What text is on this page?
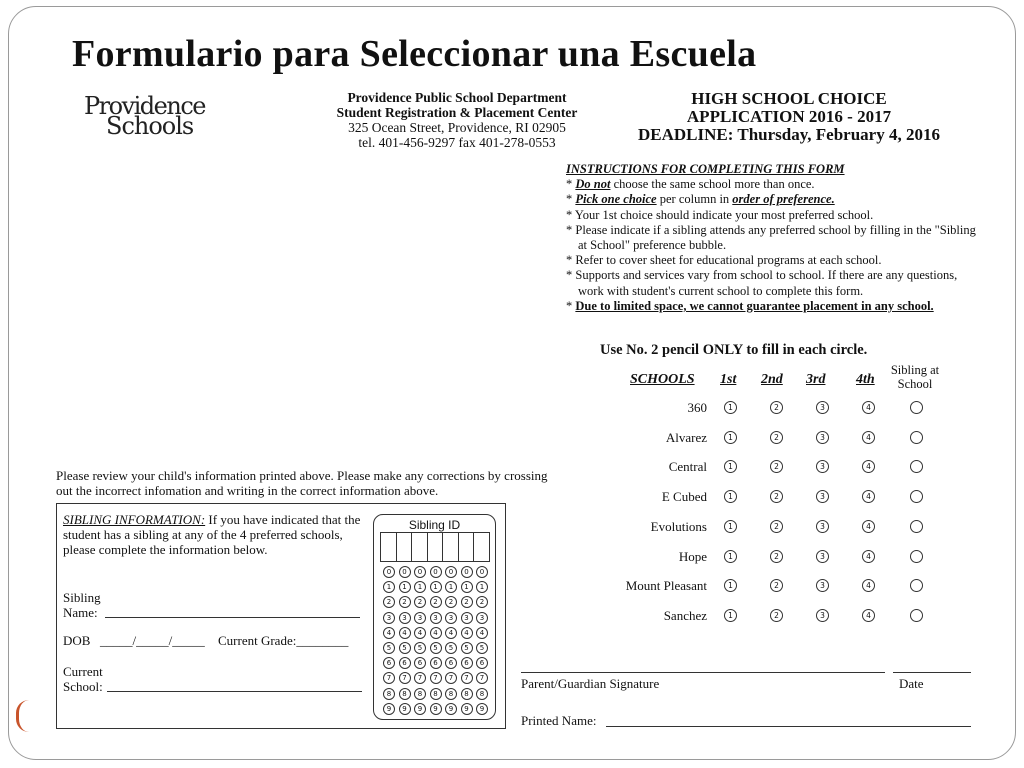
Formulario para Seleccionar una Escuela
Providence
Schools
Providence Public School Department
Student Registration & Placement Center
325 Ocean Street, Providence, RI 02905
tel. 401-456-9297 fax 401-278-0553
HIGH SCHOOL CHOICE
APPLICATION 2016 - 2017
DEADLINE: Thursday, February 4, 2016
INSTRUCTIONS FOR COMPLETING THIS FORM
* Do not choose the same school more than once.
* Pick one choice per column in order of preference.
* Your 1st choice should indicate your most preferred school.
* Please indicate if a sibling attends any preferred school by filling in the "Sibling at School" preference bubble.
* Refer to cover sheet for educational programs at each school.
* Supports and services vary from school to school. If there are any questions, work with student's current school to complete this form.
* Due to limited space, we cannot guarantee placement in any school.
Use No. 2 pencil ONLY to fill in each circle.
SCHOOLS 1st 2nd 3rd 4th
Sibling at School
360	1	2	3	4
Alvarez	1	2	3	4
Central	1	2	3	4
E Cubed	1	2	3	4
Evolutions	1	2	3	4
Hope	1	2	3	4
Mount Pleasant	1	2	3	4
Sanchez	1	2	3	4
Please review your child's information printed above. Please make any corrections by crossing out the incorrect infomation and writing in the correct information above.
SIBLING INFORMATION: If you have indicated that the student has a sibling at any of the 4 preferred schools, please complete the information below.
Sibling
Name:
DOB _____/_____/_____ Current Grade:________
Current
School:
Sibling ID
0	0	0	0	0	0	0
1	1	1	1	1	1	1
2	2	2	2	2	2	2
3	3	3	3	3	3	3
4	4	4	4	4	4	4
5	5	5	5	5	5	5
6	6	6	6	6	6	6
7	7	7	7	7	7	7
8	8	8	8	8	8	8
9	9	9	9	9	9	9
Parent/Guardian Signature	Date
Printed Name:
